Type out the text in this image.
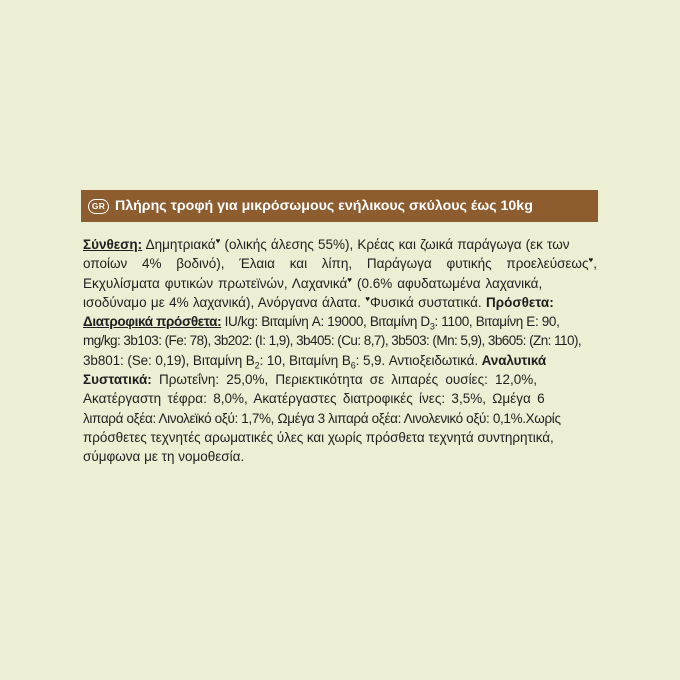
GR Πλήρης τροφή για μικρόσωμους ενήλικους σκύλους έως 10kg
Σύνθεση: Δημητριακά♥ (ολικής άλεσης 55%), Κρέας και ζωικά παράγωγα (εκ των
οποίων 4% βοδινό), Έλαια και λίπη, Παράγωγα φυτικής προελεύσεως♥,
Εκχυλίσματα φυτικών πρωτεϊνών, Λαχανικά♥ (0.6% αφυδατωμένα λαχανικά,
ισοδύναμο με 4% λαχανικά), Ανόργανα άλατα. ♥Φυσικά συστατικά. Πρόσθετα:
Διατροφικά πρόσθετα: IU/kg: Βιταμίνη A: 19000, Βιταμίνη $D_3$: 1100, Βιταμίνη E: 90,
mg/kg: 3b103: (Fe: 78), 3b202: (I: 1,9), 3b405: (Cu: 8,7), 3b503: (Mn: 5,9), 3b605: (Zn: 110),
3b801: (Se: 0,19), Βιταμίνη $B_2$: 10, Βιταμίνη $B_6$: 5,9. Αντιοξειδωτικά. Αναλυτικά
Συστατικά: Πρωτεΐνη: 25,0%, Περιεκτικότητα σε λιπαρές ουσίες: 12,0%,
Ακατέργαστη τέφρα: 8,0%, Ακατέργαστες διατροφικές ίνες: 3,5%, Ωμέγα 6
λιπαρά οξέα: Λινολεϊκό οξύ: 1,7%, Ωμέγα 3 λιπαρά οξέα: Λινολενικό οξύ: 0,1%.Χωρίς
πρόσθετες τεχνητές αρωματικές ύλες και χωρίς πρόσθετα τεχνητά συντηρητικά,
σύμφωνα με τη νομοθεσία.
